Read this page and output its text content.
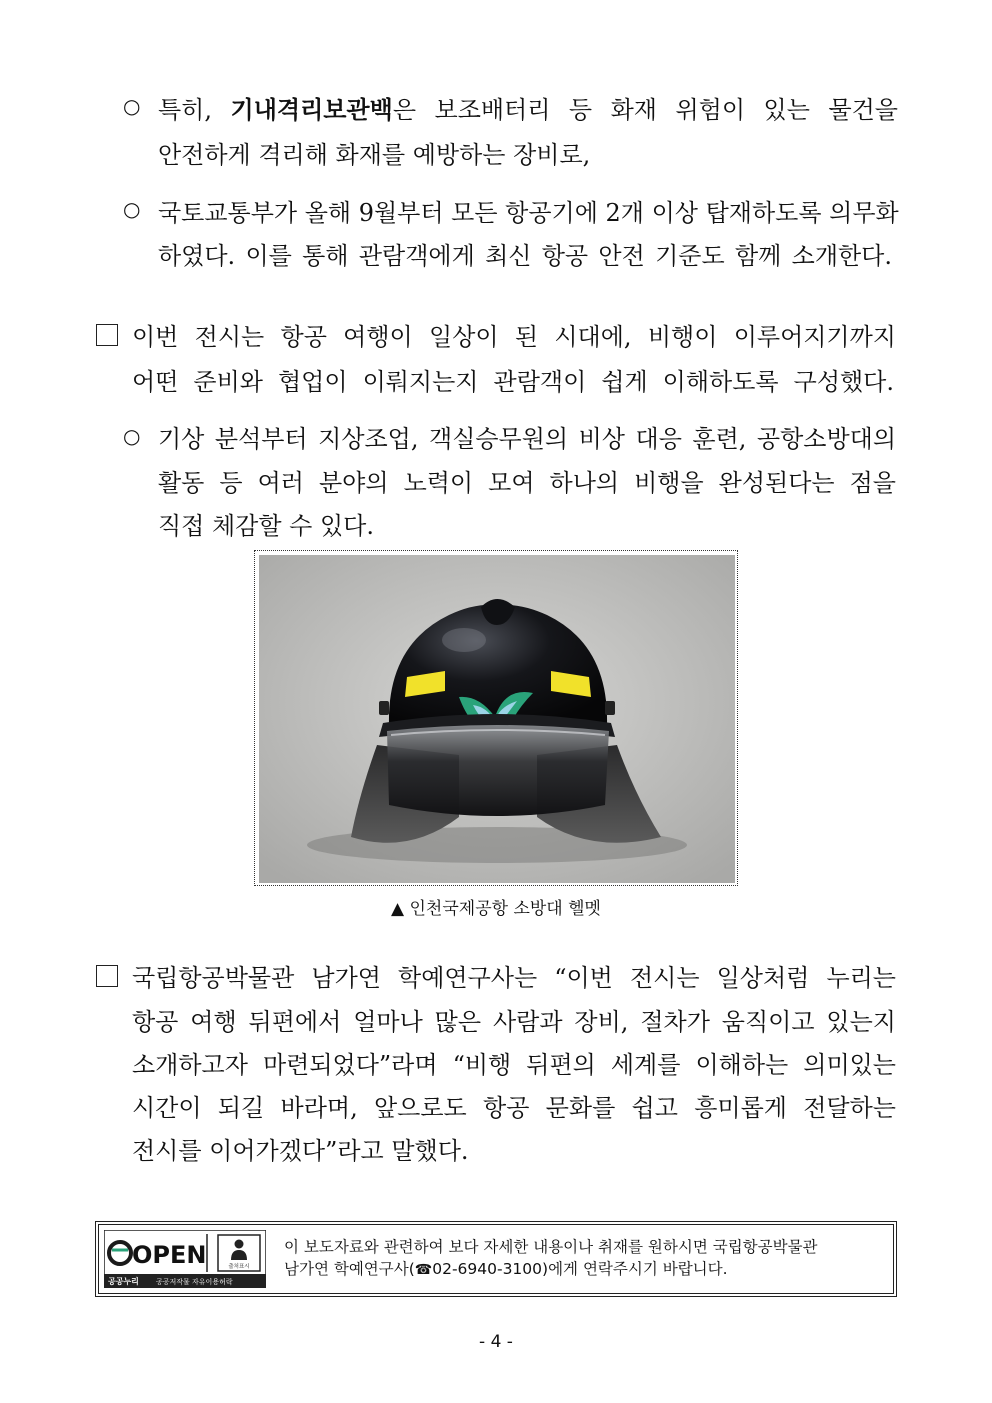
○ 특히, 기내격리보관백은 보조배터리 등 화재 위험이 있는 물건을
안전하게 격리해 화재를 예방하는 장비로,
○ 국토교통부가 올해 9월부터 모든 항공기에 2개 이상 탑재하도록 의무화
하였다. 이를 통해 관람객에게 최신 항공 안전 기준도 함께 소개한다.
이번 전시는 항공 여행이 일상이 된 시대에, 비행이 이루어지기까지
어떤 준비와 협업이 이뤄지는지 관람객이 쉽게 이해하도록 구성했다.
○ 기상 분석부터 지상조업, 객실승무원의 비상 대응 훈련, 공항소방대의
활동 등 여러 분야의 노력이 모여 하나의 비행을 완성된다는 점을
직접 체감할 수 있다.
▲ 인천국제공항 소방대 헬멧
국립항공박물관 남가연 학예연구사는 “이번 전시는 일상처럼 누리는
항공 여행 뒤편에서 얼마나 많은 사람과 장비, 절차가 움직이고 있는지
소개하고자 마련되었다”라며 “비행 뒤편의 세계를 이해하는 의미있는
시간이 되길 바라며, 앞으로도 항공 문화를 쉽고 흥미롭게 전달하는
전시를 이어가겠다”라고 말했다.
OPEN	출처표시
공공누리 공공저작물 자유이용허락
이 보도자료와 관련하여 보다 자세한 내용이나 취재를 원하시면 국립항공박물관
남가연 학예연구사(☎02-6940-3100)에게 연락주시기 바랍니다.
- 4 -
